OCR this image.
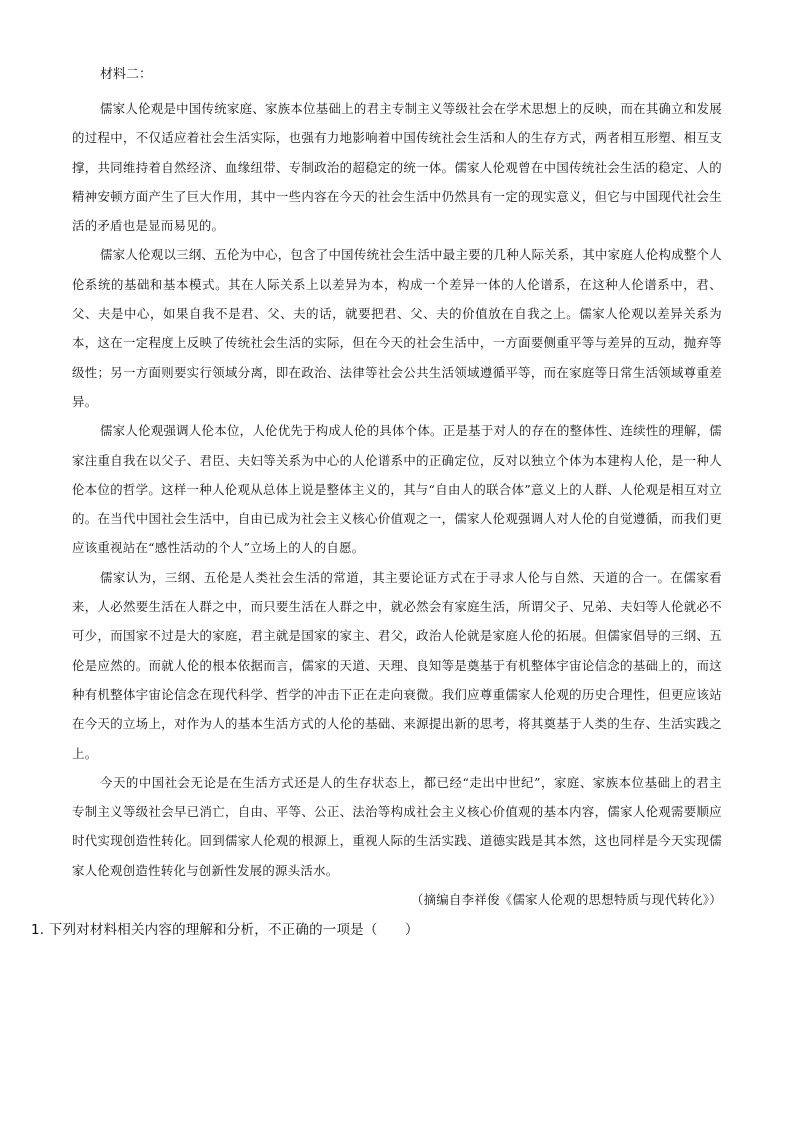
材料二：

儒家人伦观是中国传统家庭、家族本位基础上的君主专制主义等级社会在学术思想上的反映，而在其确立和发展的过程中，不仅适应着社会生活实际，也强有力地影响着中国传统社会生活和人的生存方式，两者相互形塑、相互支撑，共同维持着自然经济、血缘纽带、专制政治的超稳定的统一体。儒家人伦观曾在中国传统社会生活的稳定、人的精神安顿方面产生了巨大作用，其中一些内容在今天的社会生活中仍然具有一定的现实意义，但它与中国现代社会生活的矛盾也是显而易见的。

儒家人伦观以三纲、五伦为中心，包含了中国传统社会生活中最主要的几种人际关系，其中家庭人伦构成整个人伦系统的基础和基本模式。其在人际关系上以差异为本，构成一个差异一体的人伦谱系，在这种人伦谱系中，君、父、夫是中心，如果自我不是君、父、夫的话，就要把君、父、夫的价值放在自我之上。儒家人伦观以差异关系为本，这在一定程度上反映了传统社会生活的实际，但在今天的社会生活中，一方面要侧重平等与差异的互动，抛弃等级性；另一方面则要实行领域分离，即在政治、法律等社会公共生活领域遵循平等，而在家庭等日常生活领域尊重差异。

儒家人伦观强调人伦本位，人伦优先于构成人伦的具体个体。正是基于对人的存在的整体性、连续性的理解，儒家注重自我在以父子、君臣、夫妇等关系为中心的人伦谱系中的正确定位，反对以独立个体为本建构人伦，是一种人伦本位的哲学。这样一种人伦观从总体上说是整体主义的，其与“自由人的联合体”意义上的人群、人伦观是相互对立的。在当代中国社会生活中，自由已成为社会主义核心价值观之一，儒家人伦观强调人对人伦的自觉遵循，而我们更应该重视站在“感性活动的个人”立场上的人的自愿。

儒家认为，三纲、五伦是人类社会生活的常道，其主要论证方式在于寻求人伦与自然、天道的合一。在儒家看来，人必然要生活在人群之中，而只要生活在人群之中，就必然会有家庭生活，所谓父子、兄弟、夫妇等人伦就必不可少，而国家不过是大的家庭，君主就是国家的家主、君父，政治人伦就是家庭人伦的拓展。但儒家倡导的三纲、五伦是应然的。而就人伦的根本依据而言，儒家的天道、天理、良知等是奠基于有机整体宇宙论信念的基础上的，而这种有机整体宇宙论信念在现代科学、哲学的冲击下正在走向衰微。我们应尊重儒家人伦观的历史合理性，但更应该站在今天的立场上，对作为人的基本生活方式的人伦的基础、来源提出新的思考，将其奠基于人类的生存、生活实践之上。

今天的中国社会无论是在生活方式还是人的生存状态上，都已经“走出中世纪”，家庭、家族本位基础上的君主专制主义等级社会早已消亡，自由、平等、公正、法治等构成社会主义核心价值观的基本内容，儒家人伦观需要顺应时代实现创造性转化。回到儒家人伦观的根源上，重视人际的生活实践、道德实践是其本然，这也同样是今天实现儒家人伦观创造性转化与创新性发展的源头活水。

（摘编自李祥俊《儒家人伦观的思想特质与现代转化》）

1. 下列对材料相关内容的理解和分析，不正确的一项是（　　）
